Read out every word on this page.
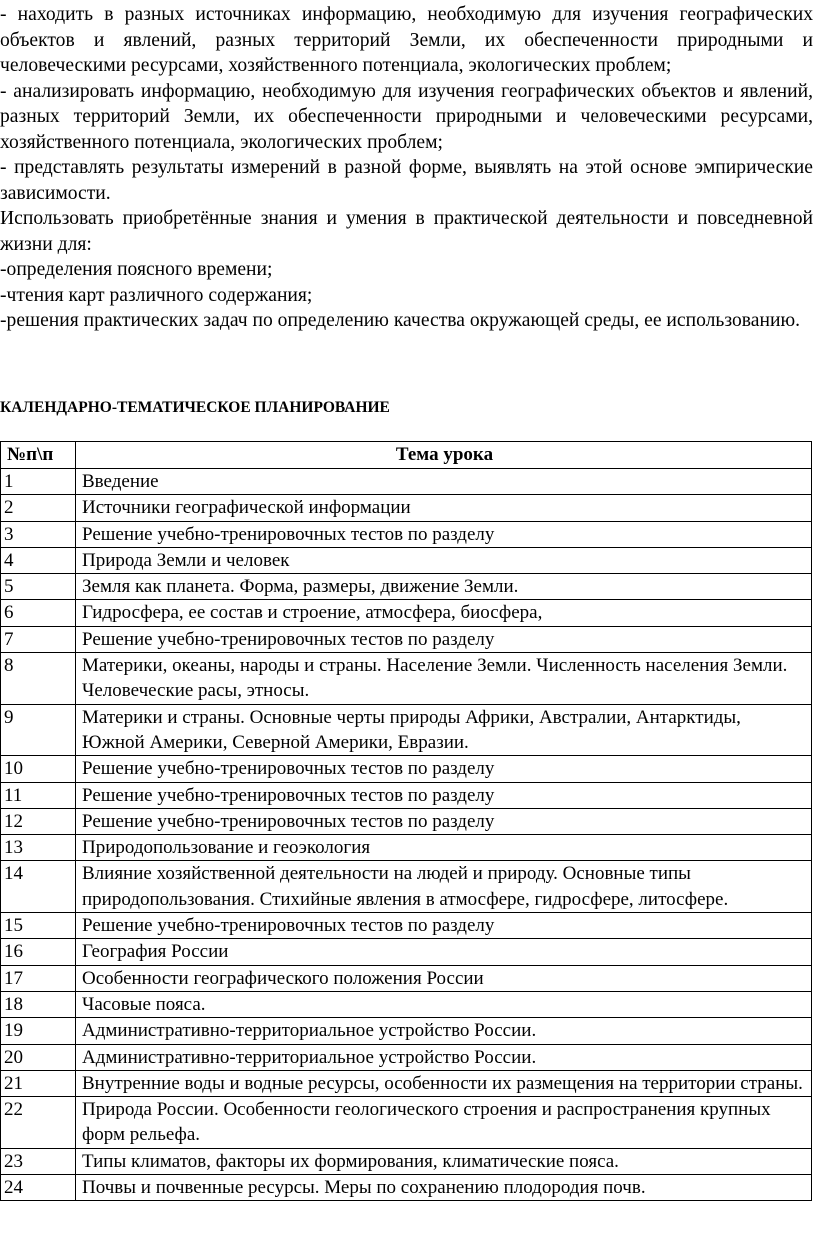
- находить в разных источниках информацию, необходимую для изучения географических объектов и явлений, разных территорий Земли, их обеспеченности природными и человеческими ресурсами, хозяйственного потенциала, экологических проблем;

- анализировать информацию, необходимую для изучения географических объектов и явлений, разных территорий Земли, их обеспеченности природными и человеческими ресурсами, хозяйственного потенциала, экологических проблем;

- представлять результаты измерений в разной форме, выявлять на этой основе эмпирические зависимости.

Использовать приобретённые знания и умения в практической деятельности и повседневной жизни для:

-определения поясного времени;

-чтения карт различного содержания;

-решения практических задач по определению качества окружающей среды, ее использованию.

КАЛЕНДАРНО-ТЕМАТИЧЕСКОЕ ПЛАНИРОВАНИЕ
№п\п	Тема урока
1	Введение
2	Источники географической информации
3	Решение учебно-тренировочных тестов по разделу
4	Природа Земли и человек
5	Земля как планета. Форма, размеры, движение Земли.
6	Гидросфера, ее состав и строение, атмосфера, биосфера,
7	Решение учебно-тренировочных тестов по разделу
8	Материки, океаны, народы и страны. Население Земли. Численность населения Земли. Человеческие расы, этносы.
9	Материки и страны. Основные черты природы Африки, Австралии, Антарктиды, Южной Америки, Северной Америки, Евразии.
10	Решение учебно-тренировочных тестов по разделу
11	Решение учебно-тренировочных тестов по разделу
12	Решение учебно-тренировочных тестов по разделу
13	Природопользование и геоэкология
14	Влияние хозяйственной деятельности на людей и природу. Основные типы природопользования. Стихийные явления в атмосфере, гидросфере, литосфере.
15	Решение учебно-тренировочных тестов по разделу
16	География России
17	Особенности географического положения России
18	Часовые пояса.
19	Административно-территориальное устройство России.
20	Административно-территориальное устройство России.
21	Внутренние воды и водные ресурсы, особенности их размещения на территории страны.
22	Природа России. Особенности геологического строения и распространения крупных форм рельефа.
23	Типы климатов, факторы их формирования, климатические пояса.
24	Почвы и почвенные ресурсы. Меры по сохранению плодородия почв.
